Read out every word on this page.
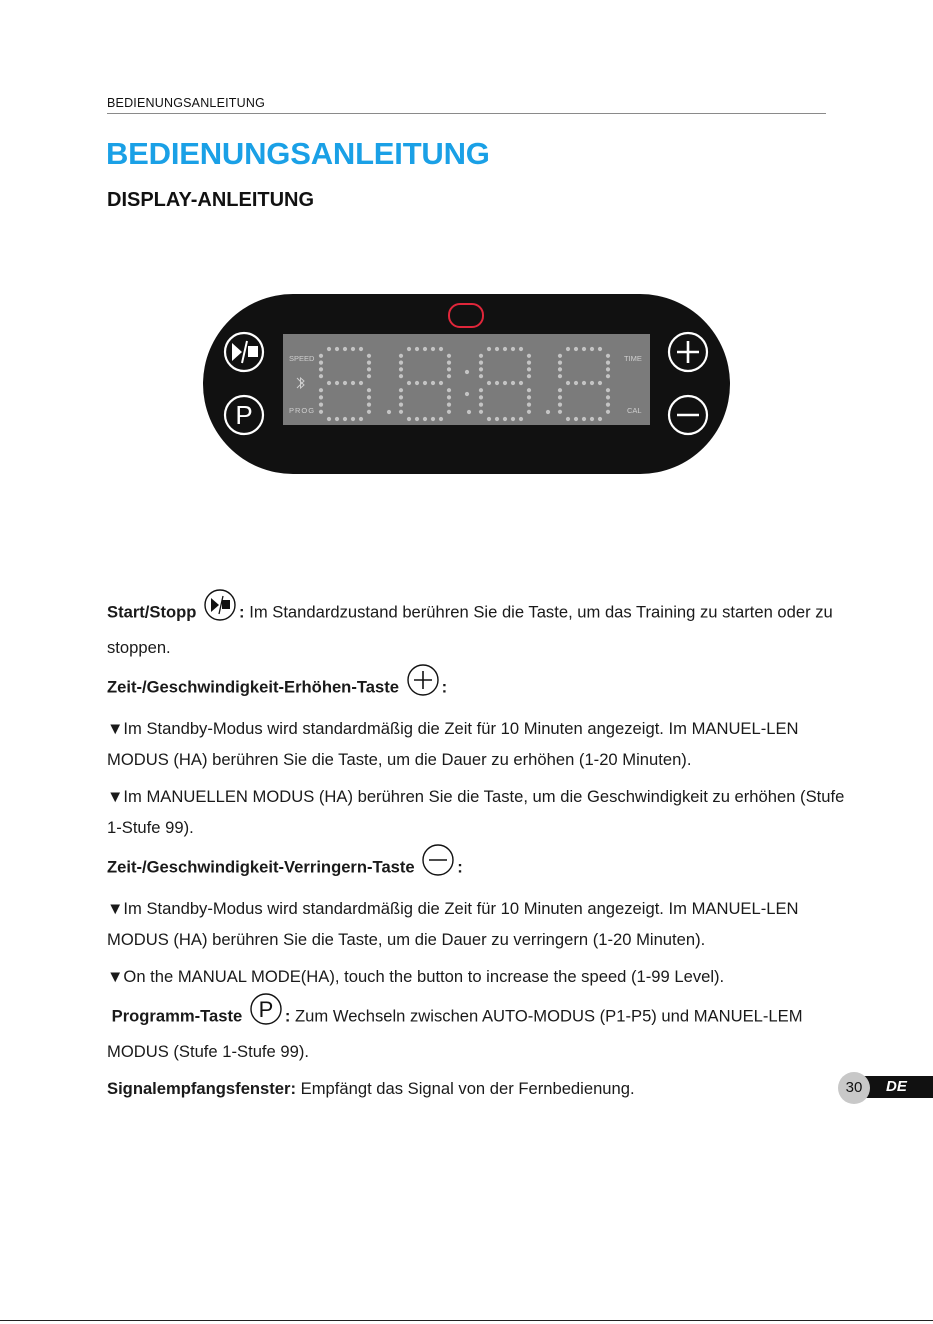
BEDIENUNGSANLEITUNG
BEDIENUNGSANLEITUNG
DISPLAY-ANLEITUNG
P
SPEED
PROG
TIME
CAL

Start/Stopp	: Im Standardzustand berühren Sie die Taste, um das Training zu starten oder zu stoppen.

Zeit-/Geschwindigkeit-Erhöhen-Taste	:

▼Im Standby-Modus wird standardmäßig die Zeit für 10 Minuten angezeigt. Im MANUEL-LEN MODUS (HA) berühren Sie die Taste, um die Dauer zu erhöhen (1-20 Minuten).

▼Im MANUELLEN MODUS (HA) berühren Sie die Taste, um die Geschwindigkeit zu erhöhen (Stufe 1-Stufe 99).

Zeit-/Geschwindigkeit-Verringern-Taste	:

▼Im Standby-Modus wird standardmäßig die Zeit für 10 Minuten angezeigt. Im MANUEL-LEN MODUS (HA) berühren Sie die Taste, um die Dauer zu verringern (1-20 Minuten).

▼On the MANUAL MODE(HA), touch the button to increase the speed (1-99 Level).

Programm-Taste P : Zum Wechseln zwischen AUTO-MODUS (P1-P5) und MANUEL-LEM MODUS (Stufe 1-Stufe 99).

Signalempfangsfenster: Empfängt das Signal von der Fernbedienung.	DE
30
